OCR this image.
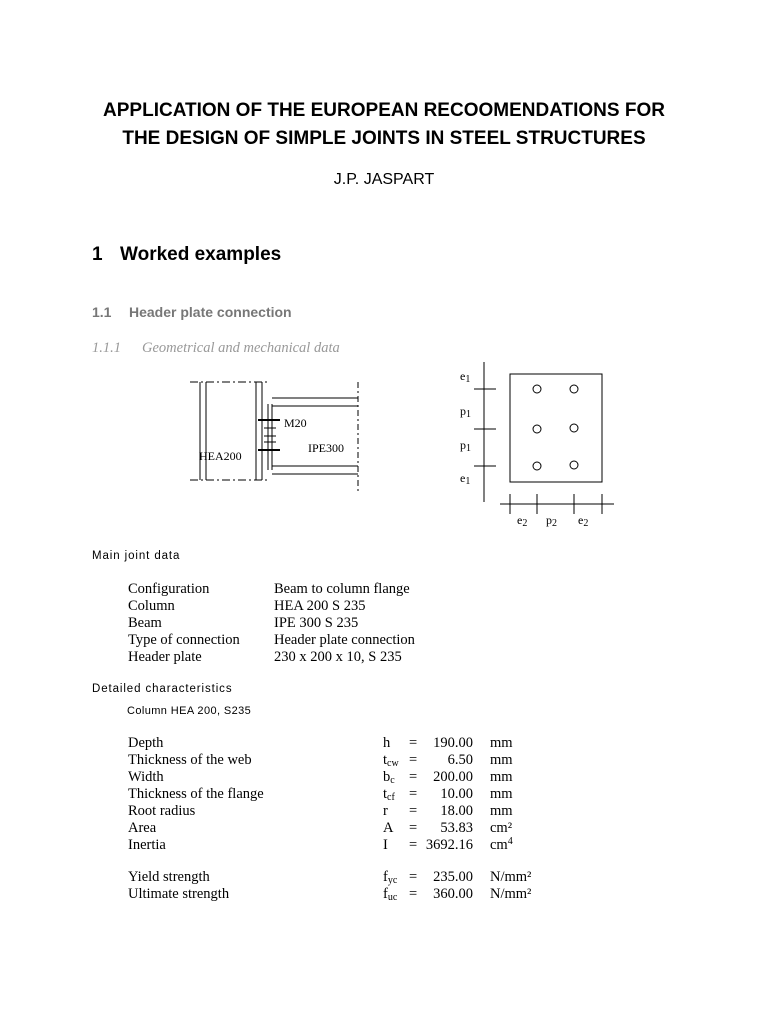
APPLICATION OF THE EUROPEAN RECOOMENDATIONS FOR
THE DESIGN OF SIMPLE JOINTS IN STEEL STRUCTURES
J.P. JASPART
1 Worked examples
1.1 Header plate connection
1.1.1 Geometrical and mechanical data
M20
IPE300
HEA200
$e_1$
$p_1$
$p_1$
$e_1$
$e_2$ $p_2$ $e_2$
Main joint data
Configuration	Beam to column flange
Column	HEA 200 S 235
Beam	IPE 300 S 235
Type of connection	Header plate connection
Header plate	230 x 200 x 10, S 235
Detailed characteristics
Column HEA 200, S235
Depth	h	=	190.00	mm
Thickness of the web	$t_{cw}$	=	6.50	mm
Width	$b_c$	=	200.00	mm
Thickness of the flange	$t_{cf}$	=	10.00	mm
Root radius	r	=	18.00	mm
Area	A	=	53.83	cm²
Inertia	I	=	3692.16	$cm^4$
Yield strength	$f_{yc}$	=	235.00	N/mm²
Ultimate strength	$f_{uc}$	=	360.00	N/mm²
